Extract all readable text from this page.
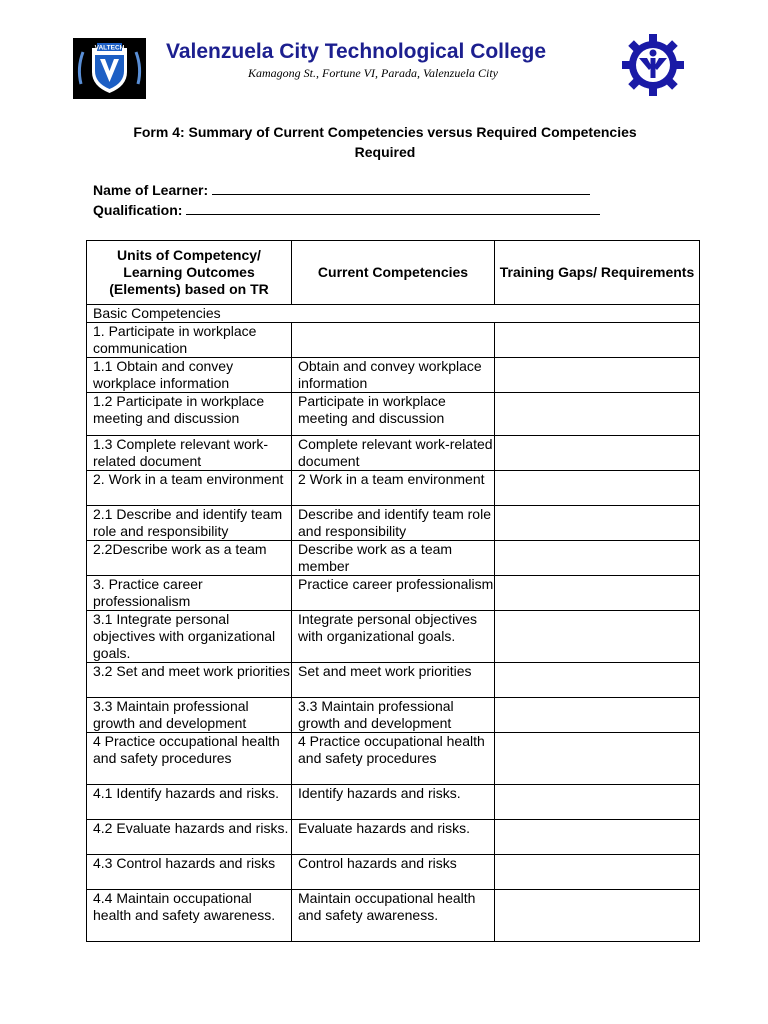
VALTECH Valenzuela City Technological College
Kamagong St., Fortune VI, Parada, Valenzuela City
Form 4: Summary of Current Competencies versus Required Competencies
Required
Name of Learner:
Qualification:
Units of Competency/ Learning Outcomes (Elements) based on TR	Current Competencies	Training Gaps/ Requirements
Basic Competencies		
1. Participate in workplace communication		
1.1 Obtain and convey workplace information	Obtain and convey workplace information	
1.2 Participate in workplace meeting and discussion	Participate in workplace meeting and discussion	
1.3 Complete relevant work-related document	Complete relevant work-related document	
2. Work in a team environment	2 Work in a team environment	
2.1 Describe and identify team role and responsibility	Describe and identify team role and responsibility	
2.2Describe work as a team	Describe work as a team member	
3. Practice career professionalism	Practice career professionalism	
3.1 Integrate personal objectives with organizational goals.	Integrate personal objectives with organizational goals.	
3.2 Set and meet work priorities	Set and meet work priorities	
3.3 Maintain professional growth and development	3.3 Maintain professional growth and development	
4 Practice occupational health and safety procedures	4 Practice occupational health and safety procedures	
4.1 Identify hazards and risks.	Identify hazards and risks.	
4.2 Evaluate hazards and risks.	Evaluate hazards and risks.	
4.3 Control hazards and risks	Control hazards and risks	
4.4 Maintain occupational health and safety awareness.	Maintain occupational health and safety awareness.	
